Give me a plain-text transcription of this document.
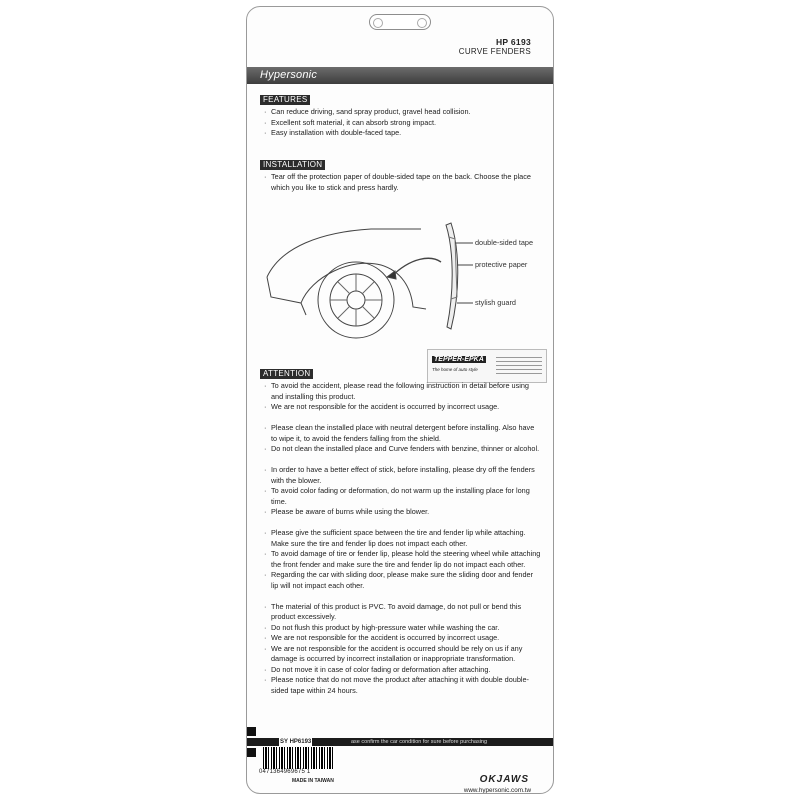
HP 6193
CURVE FENDERS
Hypersonic
FEATURES
· Can reduce driving, sand spray product, gravel head collision.
· Excellent soft material, it can absorb strong impact.
· Easy installation with double-faced tape.
INSTALLATION
· Tear off the protection paper of double-sided tape on the back. Choose the place which you like to stick and press hardly.
double-sided tape
protective paper
stylish guard
TEPPER-EPKA
The home of auto style
ATTENTION
· To avoid the accident, please read the following instruction in detail before using and installing this product.
· We are not responsible for the accident is occurred by incorrect usage.
· Please clean the installed place with neutral detergent before installing. Also have to wipe it, to avoid the fenders falling from the shield.
· Do not clean the installed place and Curve fenders with benzine, thinner or alcohol.
· In order to have a better effect of stick, before installing, please dry off the fenders with the blower.
· To avoid color fading or deformation, do not warm up the installing place for long time.
· Please be aware of burns while using the blower.
· Please give the sufficient space between the tire and fender lip while attaching. Make sure the tire and fender lip does not impact each other.
· To avoid damage of tire or fender lip, please hold the steering wheel while attaching the front fender and make sure the tire and fender lip do not impact each other.
· Regarding the car with sliding door, please make sure the sliding door and fender lip will not impact each other.
· The material of this product is PVC. To avoid damage, do not pull or bend this product excessively.
· Do not flush this product by high-pressure water while washing the car.
· We are not responsible for the accident is occurred by incorrect usage.
· We are not responsible for the accident is occurred should be rely on us if any damage is occurred by incorrect installation or inappropriate transformation.
· Do not move it in case of color fading or deformation after attaching.
· Please notice that do not move the product after attaching it with double double-sided tape within 24 hours.
ase confirm the car condition for sure before purchasing
SY HP6193
0471364969675 1
MADE IN TAIWAN	OKJAWS
www.hypersonic.com.tw
